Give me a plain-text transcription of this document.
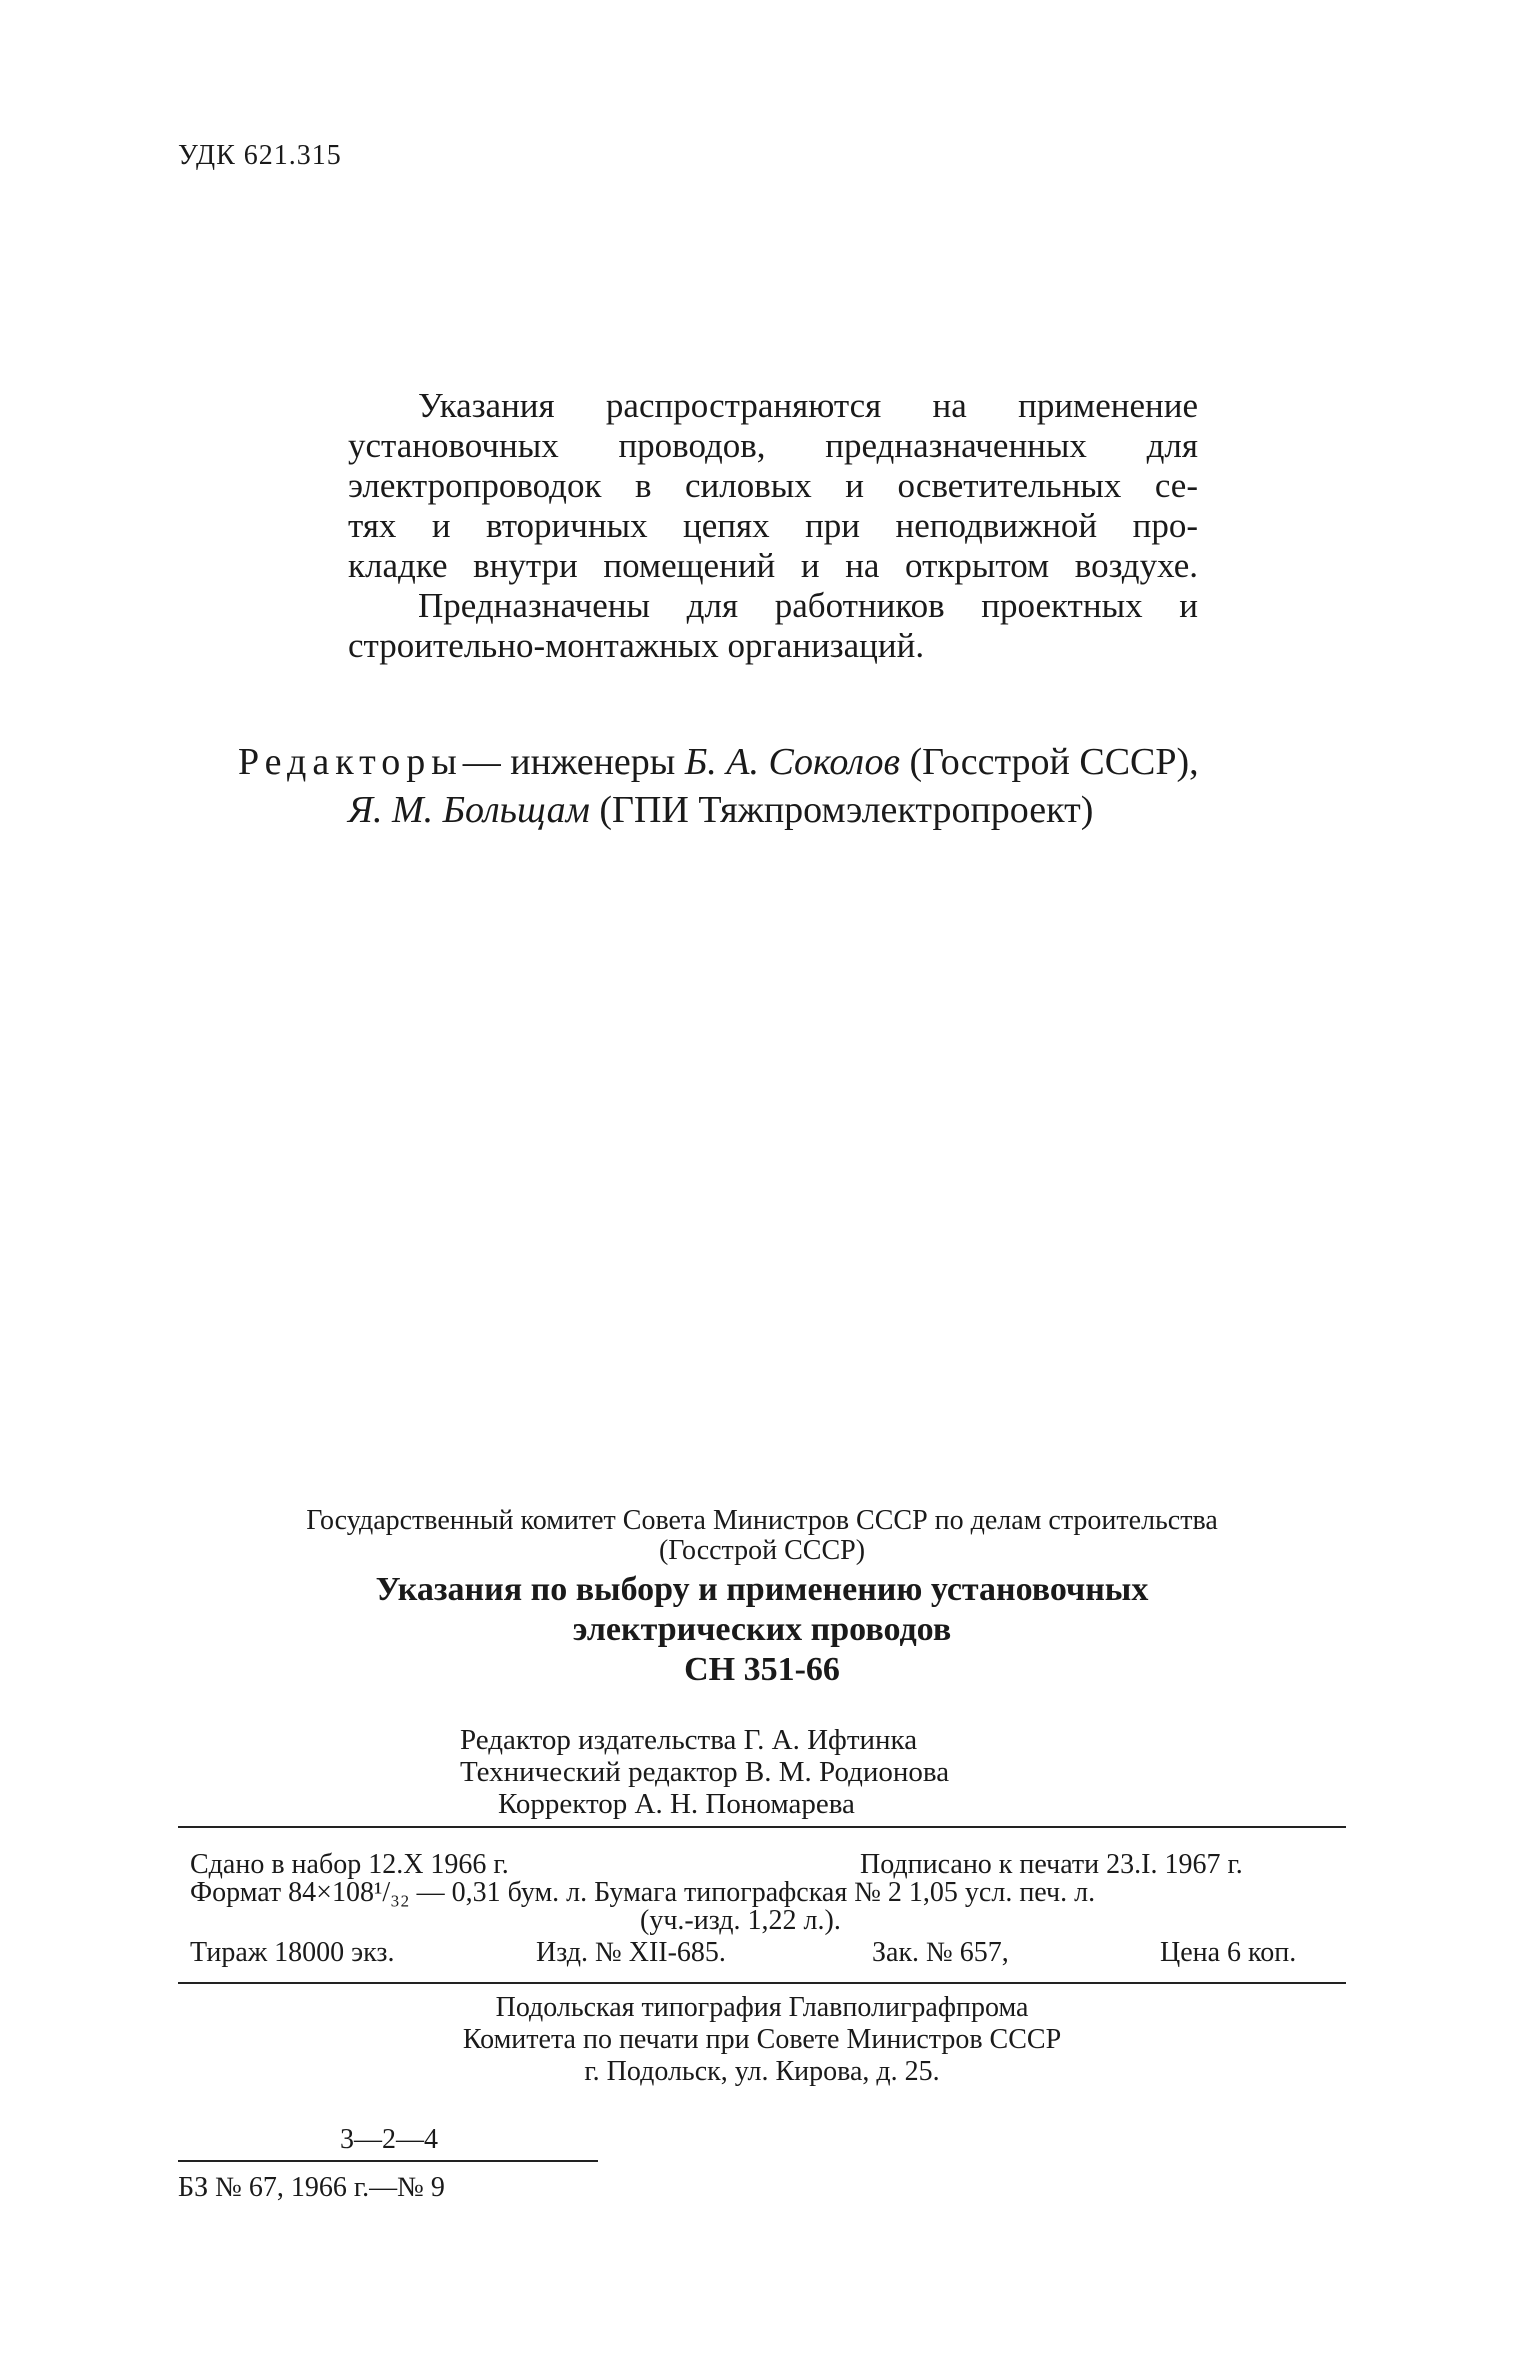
УДК 621.315
Указания распространяются на применение
установочных проводов, предназначенных для
электропроводок в силовых и осветительных се-
тях и вторичных цепях при неподвижной про-
кладке внутри помещений и на открытом воздухе.
Предназначены для работников проектных и
строительно-монтажных организаций.
Редакторы— инженеры Б. А. Соколов (Госстрой СССР),
Я. М. Больщам (ГПИ Тяжпромэлектропроект)
Государственный комитет Совета Министров СССР по делам строительства
(Госстрой СССР)
Указания по выбору и применению установочных
электрических проводов
СН 351-66
Редактор издательства Г. А. Ифтинка
Технический редактор В. М. Родионова
Корректор А. Н. Пономарева
Сдано в набор 12.X 1966 г.	Подписано к печати 23.I. 1967 г.
Формат 84×108¹/₃₂ — 0,31 бум. л. Бумага типографская № 2 1,05 усл. печ. л.
(уч.-изд. 1,22 л.).
Тираж 18000 экз.	Изд. № XII-685.	Зак. № 657,	Цена 6 коп.
Подольская типография Главполиграфпрома
Комитета по печати при Совете Министров СССР
г. Подольск, ул. Кирова, д. 25.
3—2—4
БЗ № 67, 1966 г.—№ 9
